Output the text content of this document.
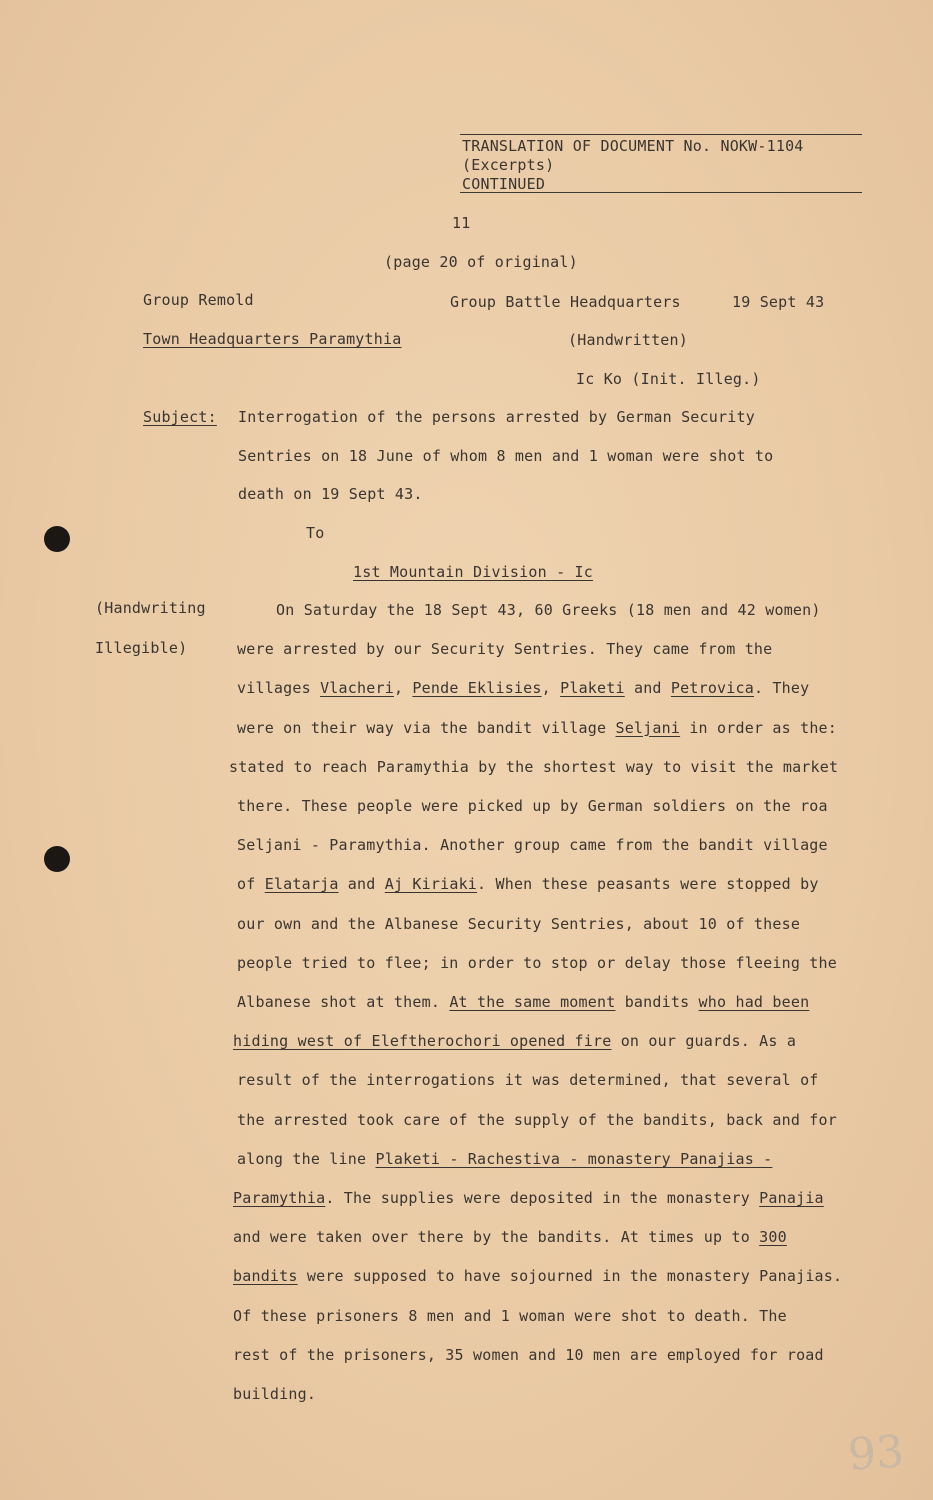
TRANSLATION OF DOCUMENT No. NOKW-1104
(Excerpts)
CONTINUED
11
(page 20 of original)
Group Remold	Group Battle Headquarters	19 Sept 43
Town Headquarters Paramythia	(Handwritten)
Ic Ko (Init. Illeg.)
Subject: Interrogation of the persons arrested by German Security
Sentries on 18 June of whom 8 men and 1 woman were shot to
death on 19 Sept 43.
To
1st Mountain Division - Ic
(Handwriting
Illegible)
On Saturday the 18 Sept 43, 60 Greeks (18 men and 42 women)
were arrested by our Security Sentries. They came from the
villages Vlacheri, Pende Eklisies, Plaketi and Petrovica. They
were on their way via the bandit village Seljani in order as the:
stated to reach Paramythia by the shortest way to visit the market
there. These people were picked up by German soldiers on the roa
Seljani - Paramythia. Another group came from the bandit village
of Elatarja and Aj Kiriaki. When these peasants were stopped by
our own and the Albanese Security Sentries, about 10 of these
people tried to flee; in order to stop or delay those fleeing the
Albanese shot at them. At the same moment bandits who had been
hiding west of Eleftherochori opened fire on our guards. As a
result of the interrogations it was determined, that several of
the arrested took care of the supply of the bandits, back and for
along the line Plaketi - Rachestiva - monastery Panajias -
Paramythia. The supplies were deposited in the monastery Panajia
and were taken over there by the bandits. At times up to 300
bandits were supposed to have sojourned in the monastery Panajias.
Of these prisoners 8 men and 1 woman were shot to death. The
rest of the prisoners, 35 women and 10 men are employed for road
building.
93
